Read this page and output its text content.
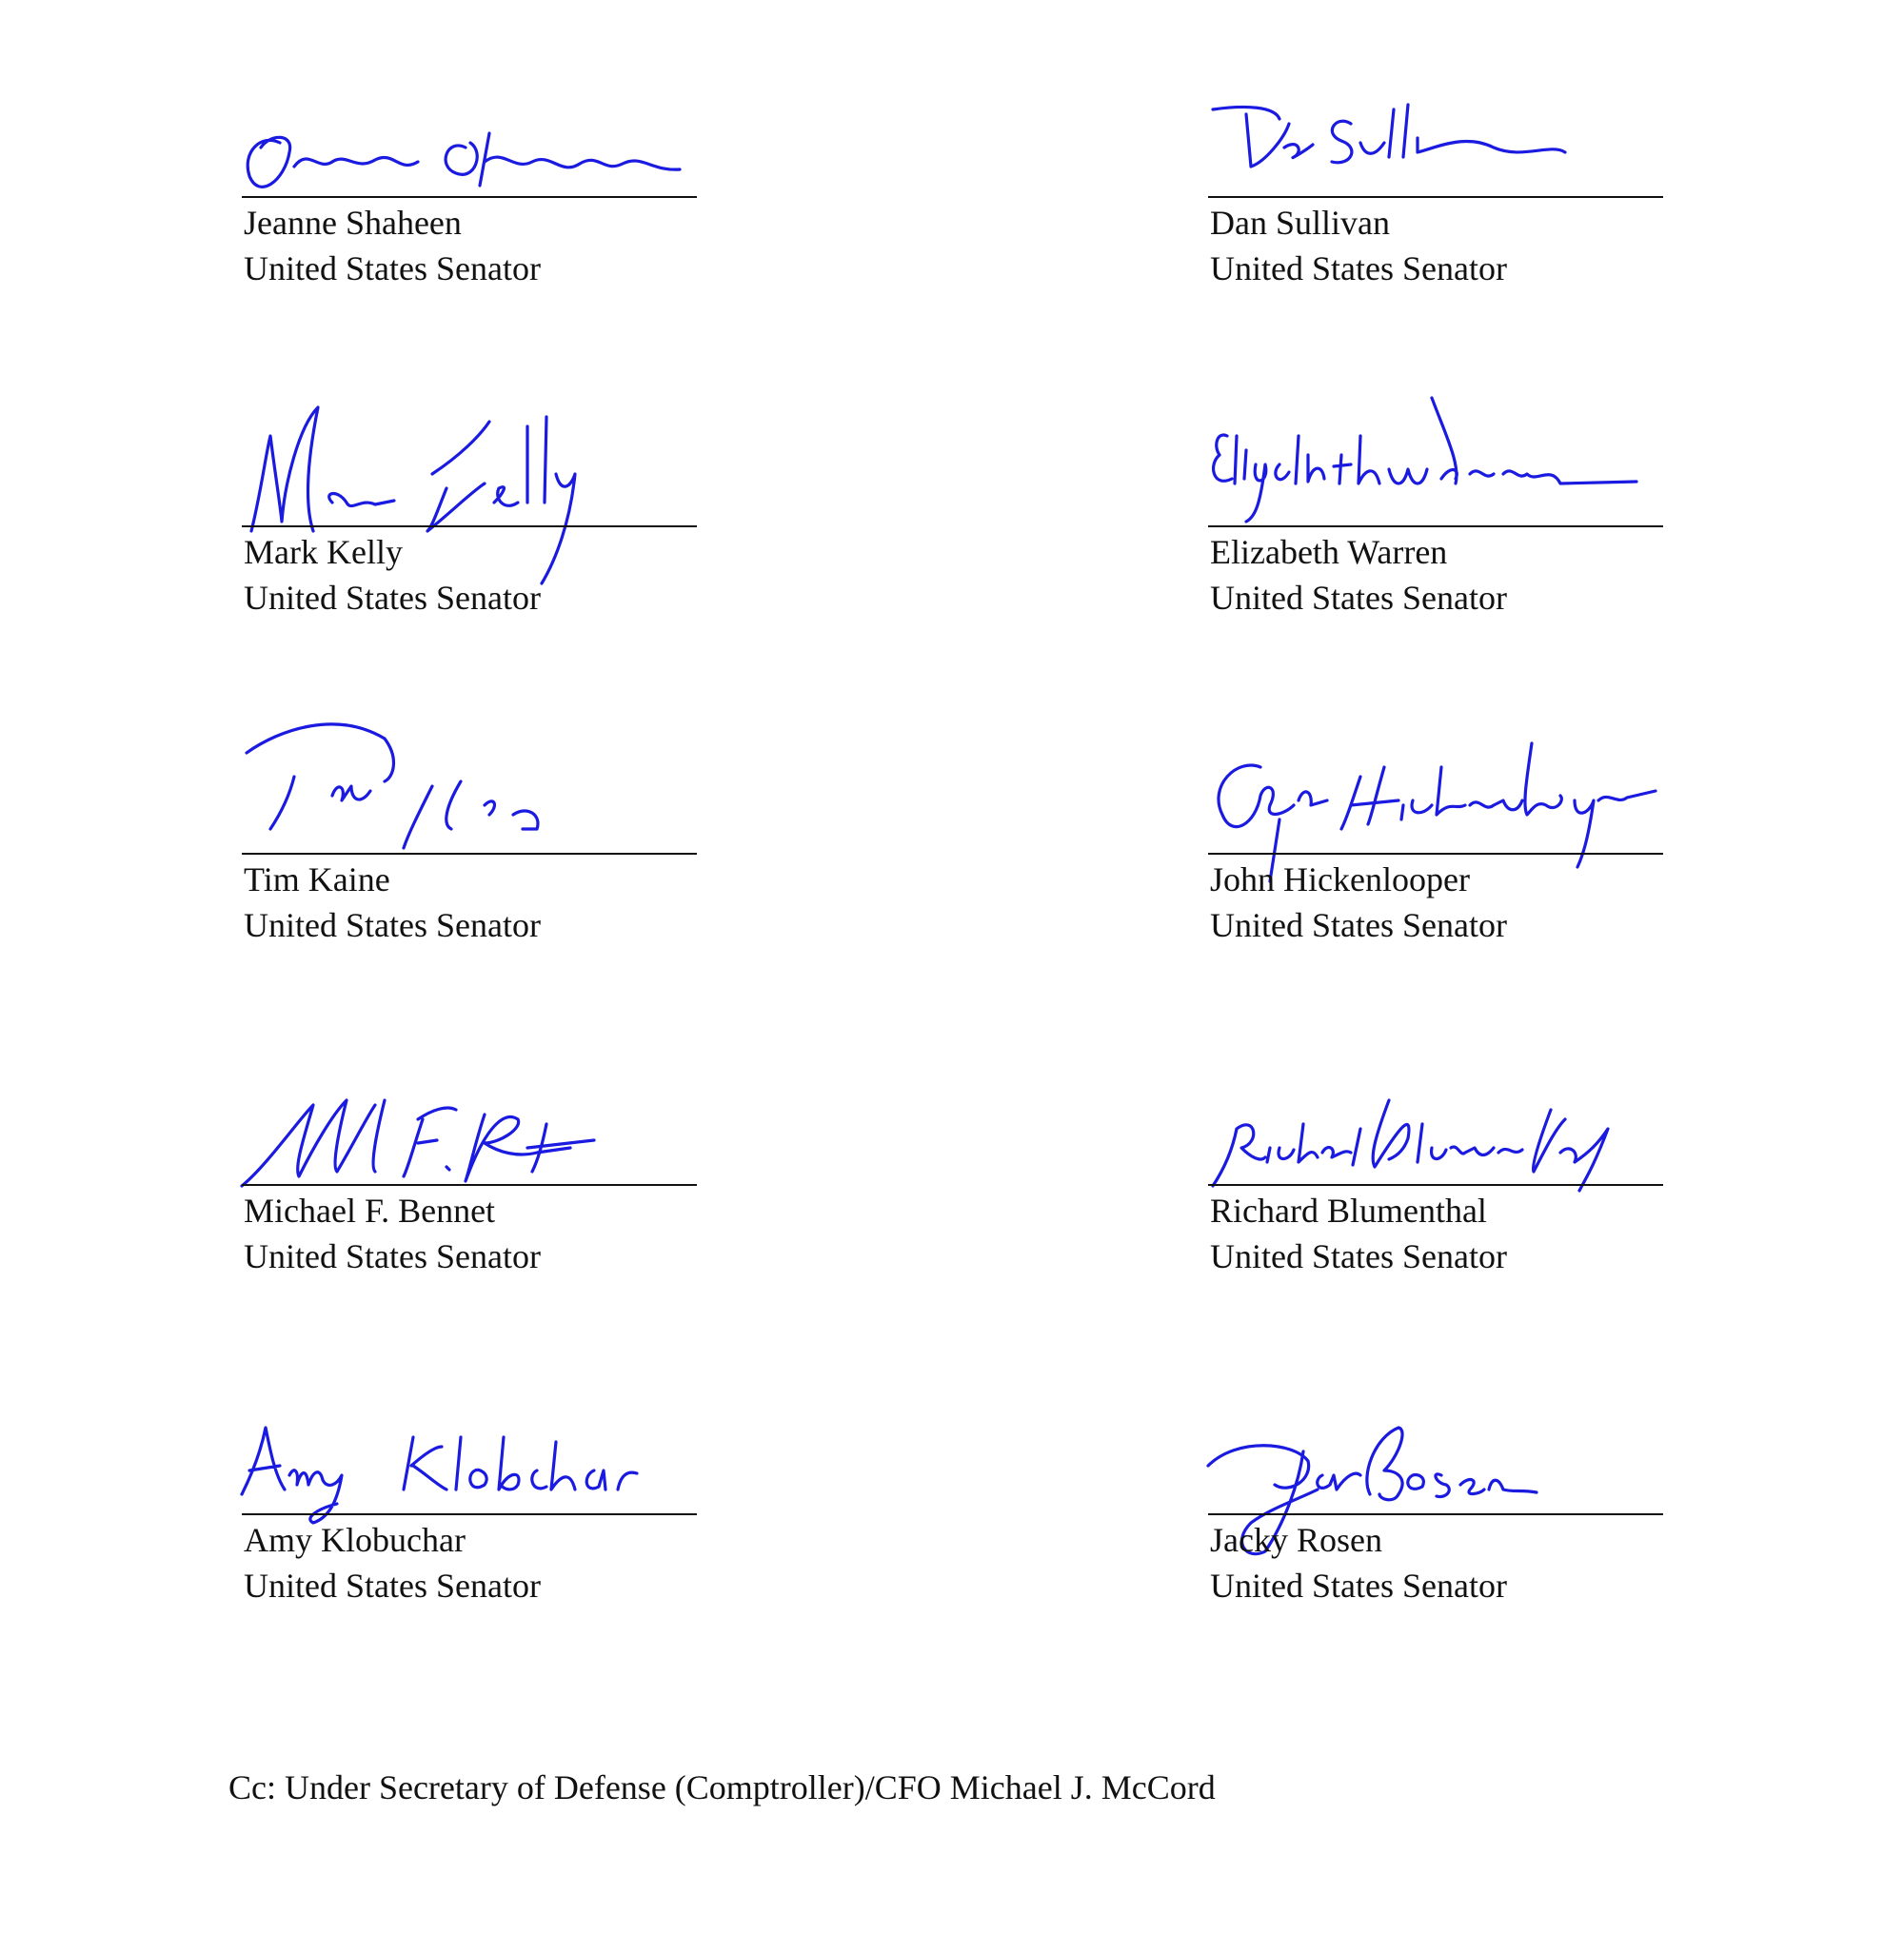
Jeanne Shaheen
United States Senator
Dan Sullivan
United States Senator
Mark Kelly
United States Senator
Elizabeth Warren
United States Senator
Tim Kaine
United States Senator
John Hickenlooper
United States Senator
Michael F. Bennet
United States Senator
Richard Blumenthal
United States Senator
Amy Klobuchar
United States Senator
Jacky Rosen
United States Senator
Cc: Under Secretary of Defense (Comptroller)/CFO Michael J. McCord
